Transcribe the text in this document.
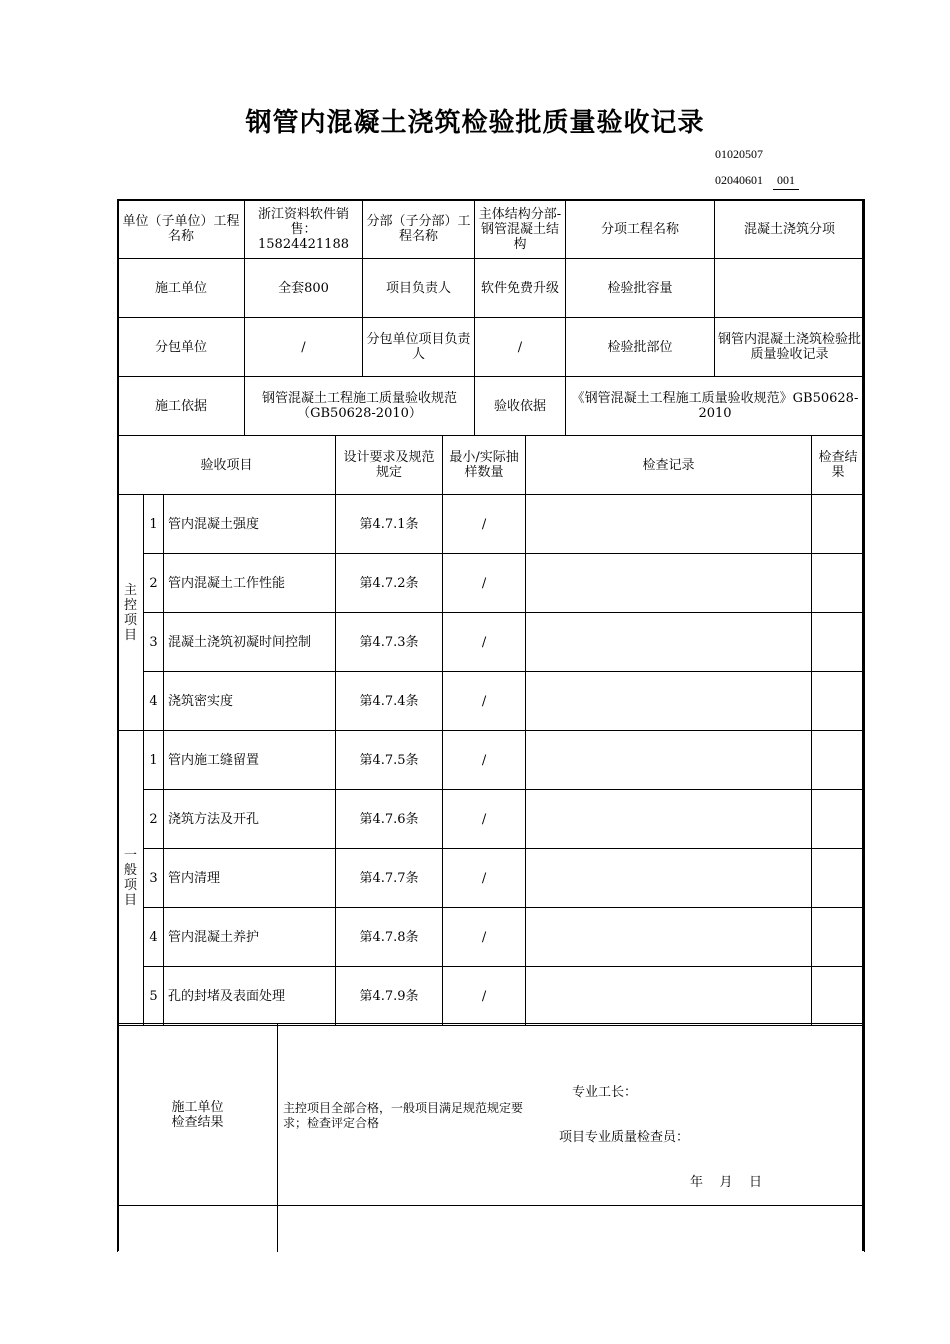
钢管内混凝土浇筑检验批质量验收记录
01020507
02040601 001
单位（子单位）工程名称	浙江资料软件销售：15824421188	分部（子分部）工程名称	主体结构分部-钢管混凝土结构	分项工程名称	混凝土浇筑分项
施工单位	全套800	项目负责人	软件免费升级	检验批容量	
分包单位	/	分包单位项目负责人	/	检验批部位	钢管内混凝土浇筑检验批质量验收记录
施工依据	钢管混凝土工程施工质量验收规范（GB50628-2010）		验收依据	《钢管混凝土工程施工质量验收规范》GB50628-2010	
验收项目			设计要求及规范规定	最小/实际抽样数量	检查记录	检查结果

主控项目	1	管内混凝土强度	第4.7.1条	/		
	2	管内混凝土工作性能	第4.7.2条	/		
	3	混凝土浇筑初凝时间控制	第4.7.3条	/		
	4	浇筑密实度	第4.7.4条	/		

一般项目	1	管内施工缝留置	第4.7.5条	/		
	2	浇筑方法及开孔	第4.7.6条	/		
	3	管内清理	第4.7.7条	/		
	4	管内混凝土养护	第4.7.8条	/		
	5	孔的封堵及表面处理	第4.7.9条	/		
施工单位检查结果	主控项目全部合格，一般项目满足规范规定要求；检查评定合格
专业工长：
项目专业质量检查员：
年    月    日
